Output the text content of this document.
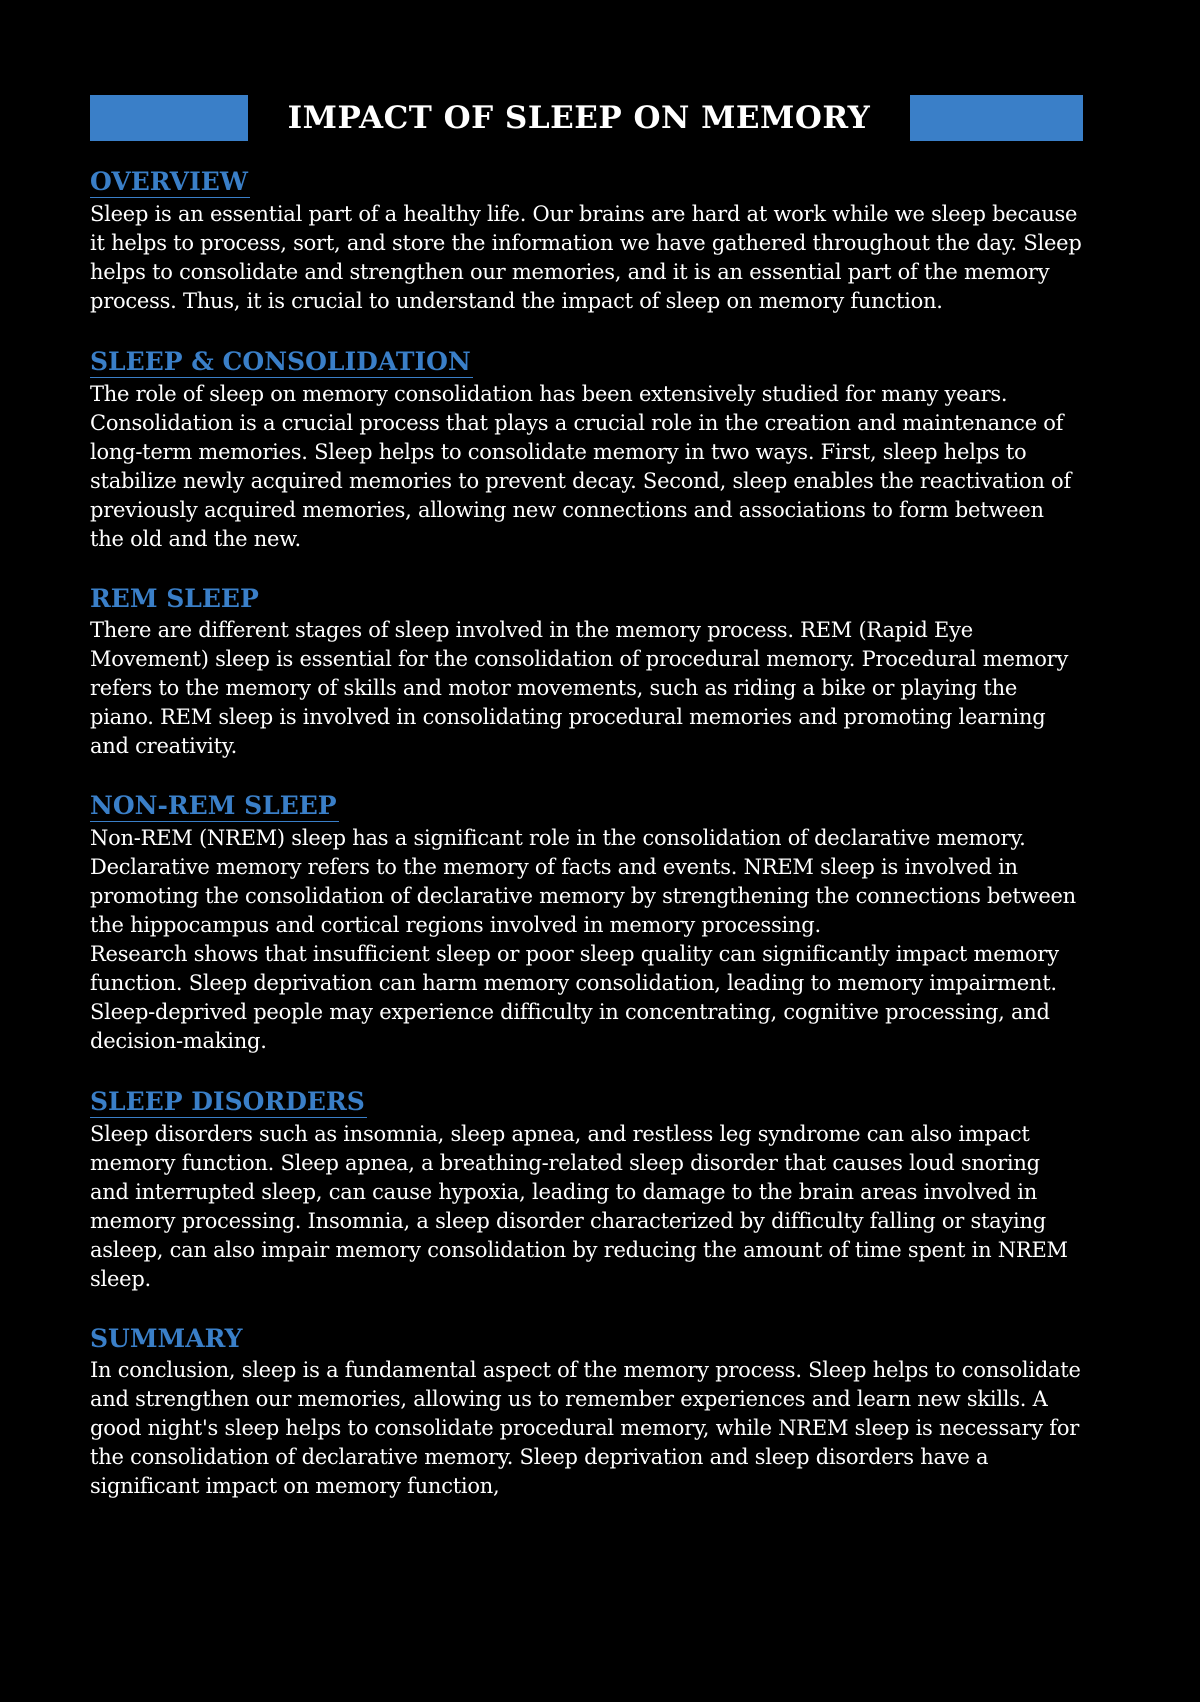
IMPACT OF SLEEP ON MEMORY
OVERVIEW

Sleep is an essential part of a healthy life. Our brains are hard at work while we sleep because it helps to process, sort, and store the information we have gathered throughout the day. Sleep helps to consolidate and strengthen our memories, and it is an essential part of the memory process. Thus, it is crucial to understand the impact of sleep on memory function.

SLEEP & CONSOLIDATION

The role of sleep on memory consolidation has been extensively studied for many years. Consolidation is a crucial process that plays a crucial role in the creation and maintenance of long-term memories. Sleep helps to consolidate memory in two ways. First, sleep helps to stabilize newly acquired memories to prevent decay. Second, sleep enables the reactivation of previously acquired memories, allowing new connections and associations to form between the old and the new.

REM SLEEP

There are different stages of sleep involved in the memory process. REM (Rapid Eye Movement) sleep is essential for the consolidation of procedural memory. Procedural memory refers to the memory of skills and motor movements, such as riding a bike or playing the piano. REM sleep is involved in consolidating procedural memories and promoting learning and creativity.

NON-REM SLEEP

Non-REM (NREM) sleep has a significant role in the consolidation of declarative memory. Declarative memory refers to the memory of facts and events. NREM sleep is involved in promoting the consolidation of declarative memory by strengthening the connections between the hippocampus and cortical regions involved in memory processing.

Research shows that insufficient sleep or poor sleep quality can significantly impact memory function. Sleep deprivation can harm memory consolidation, leading to memory impairment. Sleep-deprived people may experience difficulty in concentrating, cognitive processing, and decision-making.

SLEEP DISORDERS

Sleep disorders such as insomnia, sleep apnea, and restless leg syndrome can also impact memory function. Sleep apnea, a breathing-related sleep disorder that causes loud snoring and interrupted sleep, can cause hypoxia, leading to damage to the brain areas involved in memory processing. Insomnia, a sleep disorder characterized by difficulty falling or staying asleep, can also impair memory consolidation by reducing the amount of time spent in NREM sleep.

SUMMARY

In conclusion, sleep is a fundamental aspect of the memory process. Sleep helps to consolidate and strengthen our memories, allowing us to remember experiences and learn new skills. A good night's sleep helps to consolidate procedural memory, while NREM sleep is necessary for the consolidation of declarative memory. Sleep deprivation and sleep disorders have a significant impact on memory function,
